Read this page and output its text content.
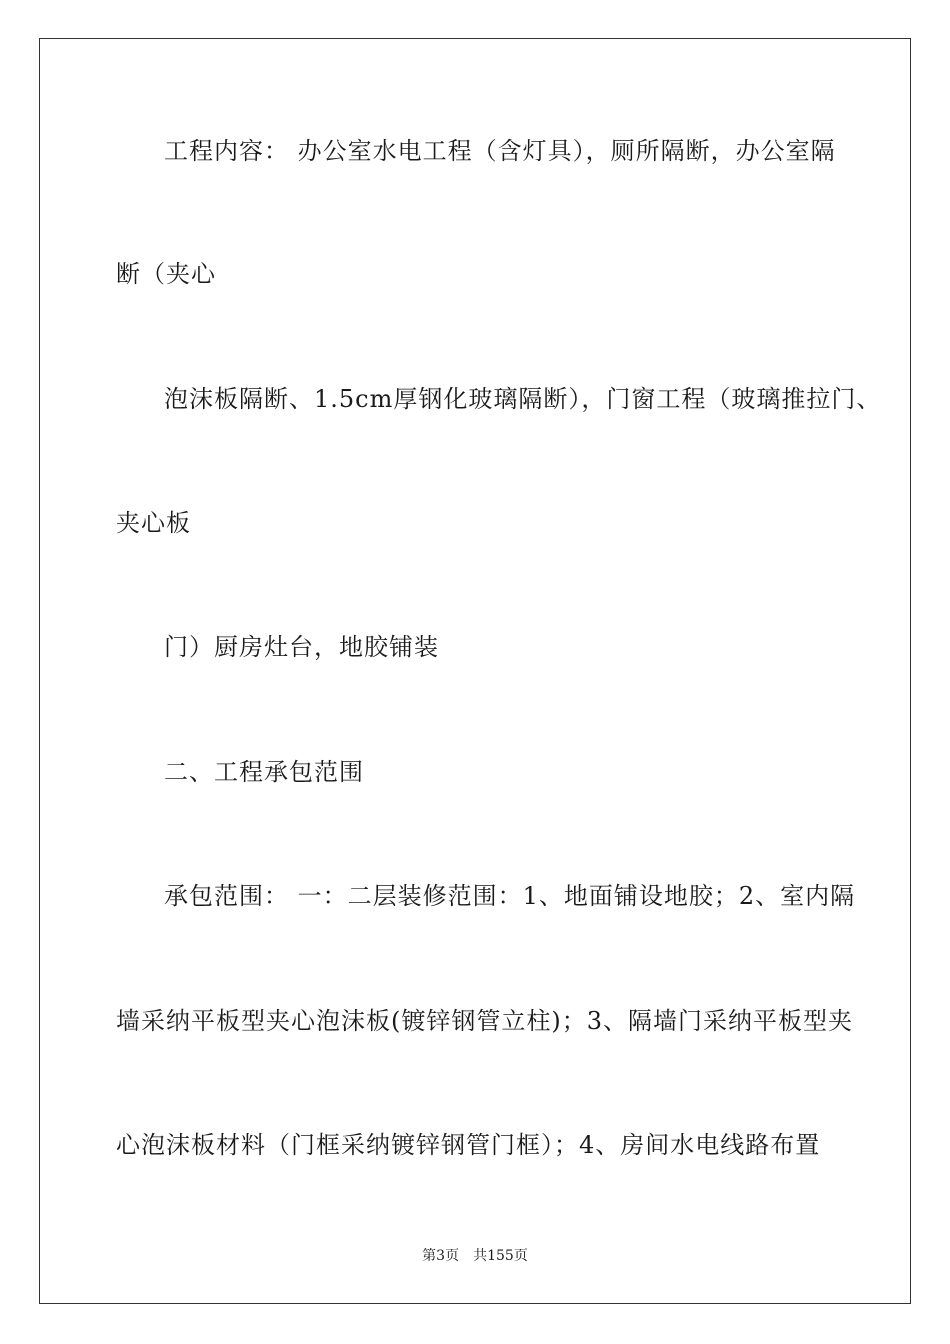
工程内容： 办公室水电工程（含灯具），厕所隔断，办公室隔
断（夹心
泡沫板隔断、1.5cm厚钢化玻璃隔断），门窗工程（玻璃推拉门、
夹心板
门）厨房灶台，地胶铺装
二、工程承包范围
承包范围： 一：二层装修范围：1、地面铺设地胶；2、室内隔
墙采纳平板型夹心泡沫板(镀锌钢管立柱)；3、隔墙门采纳平板型夹
心泡沫板材料（门框采纳镀锌钢管门框）；4、房间水电线路布置
第3页 共155页
